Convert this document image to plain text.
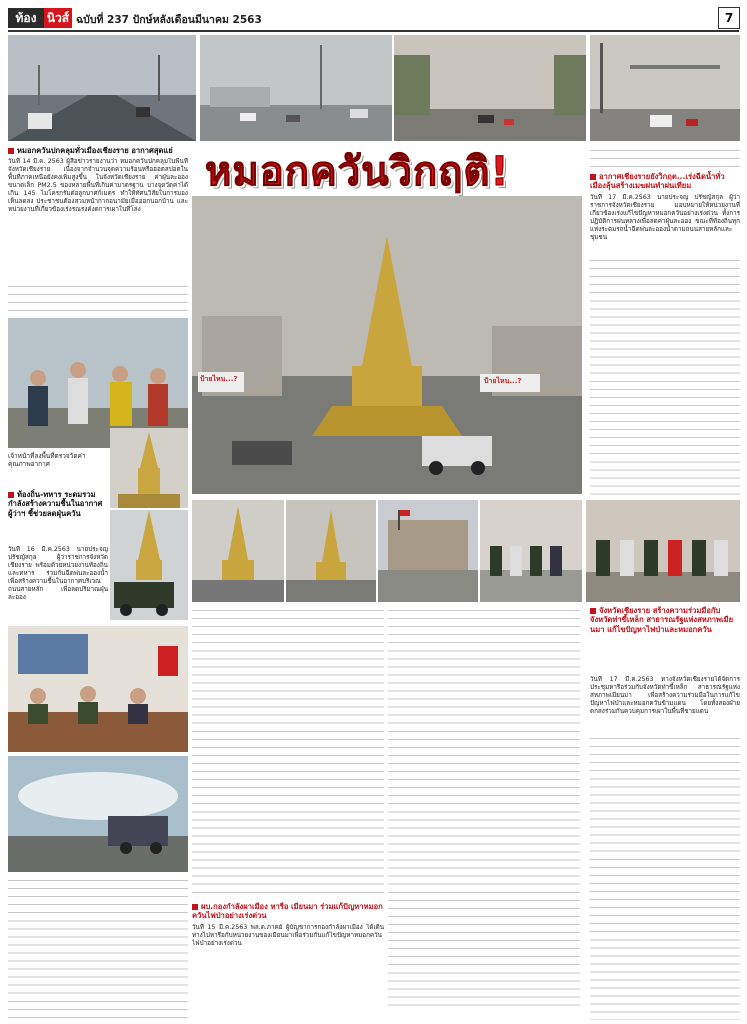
ท้อง นิวส์ ฉบับที่ 237 ปักษ์หลังเดือนมีนาคม 2563	7
หมอกควันปกคลุมทั่วเมืองเชียงราย อากาศสุดแย่
วันที่ 14 มี.ค. 2563 ผู้สื่อข่าวรายงานว่า หมอกควันปกคลุมในพื้นที่จังหวัดเชียงราย เนื่องจากจำนวนจุดความร้อนหรือฮอตสปอตในพื้นที่ภาคเหนือยังคงเพิ่มสูงขึ้น ในจังหวัดเชียงราย ค่าฝุ่นละอองขนาดเล็ก PM2.5 ของหลายพื้นที่เกินค่ามาตรฐาน บางจุดวัดค่าได้เกิน 145 ไมโครกรัมต่อลูกบาศก์เมตร ทำให้ทัศนวิสัยในการมองเห็นลดลง ประชาชนต้องสวมหน้ากากอนามัยเมื่อออกนอกบ้าน และหน่วยงานที่เกี่ยวข้องเร่งรณรงค์งดการเผาในที่โล่ง
เจ้าหน้าที่ลงพื้นที่ตรวจวัดค่าคุณภาพอากาศ
ท้องถิ่น-ทหาร ระดมรวมกำลังสร้างความชื้นในอากาศ ผู้ว่าฯ ชี้ช่วยลดฝุ่นควัน
วันที่ 16 มี.ค.2563 นายประจญ ปรัชญ์สกุล ผู้ว่าราชการจังหวัดเชียงราย พร้อมด้วยหน่วยงานท้องถิ่นและทหาร ร่วมกันฉีดพ่นละอองน้ำเพื่อสร้างความชื้นในอากาศบริเวณถนนสายหลัก เพื่อลดปริมาณฝุ่นละออง
หมอกควันวิกฤติ!
ป้ายไหน...?	ป้ายไหน...?
ผบ.กองกำลังผาเมือง หารือ เมียนมา ร่วมแก้ปัญหาหมอกควันไฟป่าอย่างเร่งด่วน
วันที่ 15 มี.ค.2563 พล.ต.ภาคย์ ผู้บัญชาการกองกำลังผาเมือง ได้เดินทางไปหารือกับหน่วยงานของเมียนมาเพื่อร่วมกันแก้ไขปัญหาหมอกควันไฟป่าอย่างเร่งด่วน
อากาศเชียงรายยังวิกฤต...เร่งฉีดน้ำทั่วเมืองลุ้นสร้างเมฆฝนทำฝนเทียม
วันที่ 17 มี.ค.2563 นายประจญ ปรัชญ์สกุล ผู้ว่าราชการจังหวัดเชียงราย มอบหมายให้หน่วยงานที่เกี่ยวข้องเร่งแก้ไขปัญหาหมอกควันอย่างเร่งด่วน ทั้งการปฏิบัติการฝนหลวงเพื่อลดค่าฝุ่นละออง ขณะที่ท้องถิ่นทุกแห่งระดมรถน้ำฉีดพ่นละอองน้ำตามถนนสายหลักและชุมชน
จังหวัดเชียงราย สร้างความร่วมมือกับจังหวัดท่าขี้เหล็ก สาธารณรัฐแห่งสหภาพเมียนมา แก้ไขปัญหาไฟป่าและหมอกควัน
วันที่ 17 มี.ค.2563 ทางจังหวัดเชียงรายได้จัดการประชุมหารือร่วมกับจังหวัดท่าขี้เหล็ก สาธารณรัฐแห่งสหภาพเมียนมา เพื่อสร้างความร่วมมือในการแก้ไขปัญหาไฟป่าและหมอกควันข้ามแดน โดยทั้งสองฝ่ายตกลงร่วมกันควบคุมการเผาในพื้นที่ชายแดน
